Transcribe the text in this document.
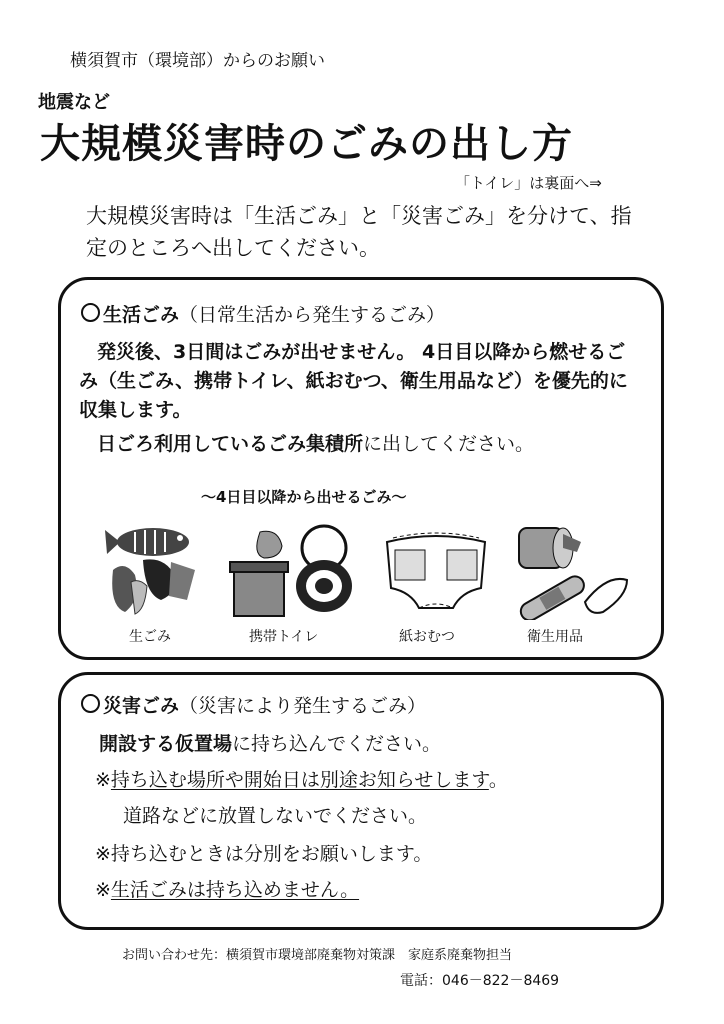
横須賀市（環境部）からのお願い
地震など
大規模災害時のごみの出し方
「トイレ」は裏面へ⇒
大規模災害時は「生活ごみ」と「災害ごみ」を分けて、指定のところへ出してください。
生活ごみ（日常生活から発生するごみ）
発災後、3日間はごみが出せません。 4日目以降から燃せるごみ（生ごみ、携帯トイレ、紙おむつ、衛生用品など）を優先的に収集します。
日ごろ利用しているごみ集積所に出してください。
～4日目以降から出せるごみ～
生ごみ	携帯トイレ	紙おむつ	衛生用品
災害ごみ（災害により発生するごみ）
開設する仮置場に持ち込んでください。
※持ち込む場所や開始日は別途お知らせします。
道路などに放置しないでください。
※持ち込むときは分別をお願いします。
※生活ごみは持ち込めません。
お問い合わせ先：横須賀市環境部廃棄物対策課　家庭系廃棄物担当
電話：046－822－8469
